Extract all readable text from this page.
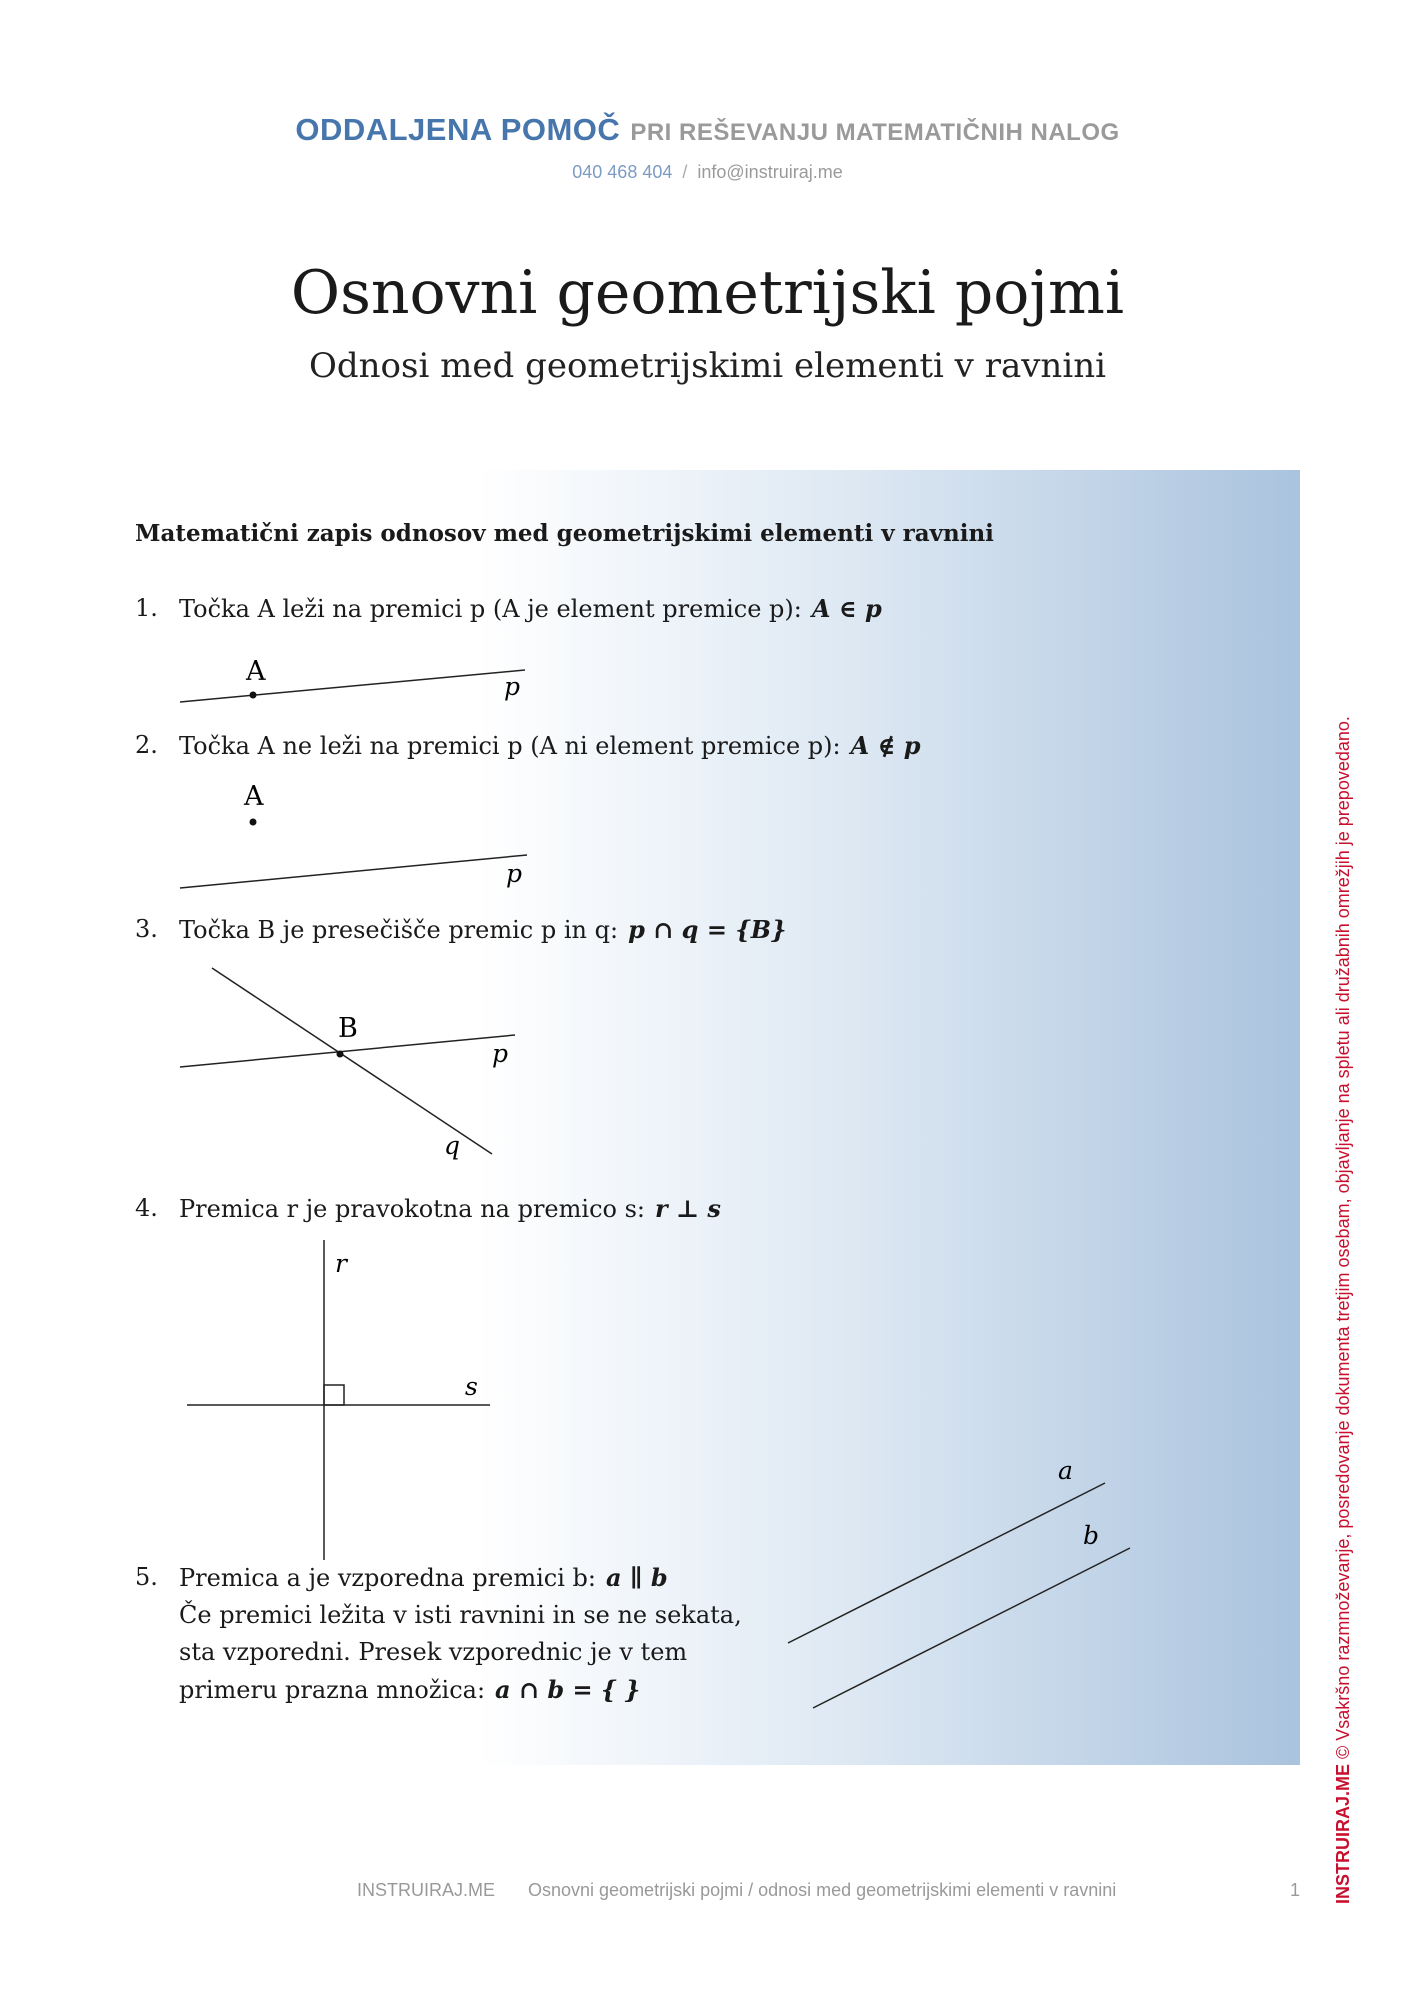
ODDALJENA POMOČ PRI REŠEVANJU MATEMATIČNIH NALOG
040 468 404 / info@instruiraj.me
Osnovni geometrijski pojmi
Odnosi med geometrijskimi elementi v ravnini
Matematični zapis odnosov med geometrijskimi elementi v ravnini
1. Točka A leži na premici p (A je element premice p): A ∈ p
A	p
2. Točka A ne leži na premici p (A ni element premice p): A ∉ p
A
p
3. Točka B je presečišče premic p in q: p ∩ q = {B}
B
p
q
4. Premica r je pravokotna na premico s: r ⊥ s
r
s
5. Premica a je vzporedna premici b: a ∥ b
Če premici ležita v isti ravnini in se ne sekata,
sta vzporedni. Presek vzporednic je v tem
primeru prazna množica: a ∩ b = { }
a
b
INSTRUIRAJ.ME Osnovni geometrijski pojmi / odnosi med geometrijskimi elementi v ravnini	1 INSTRUIRAJ.ME © Vsakršno razmnoževanje, posredovanje dokumenta tretjim osebam, objavljanje na spletu ali družabnih omrežjih je prepovedano.
